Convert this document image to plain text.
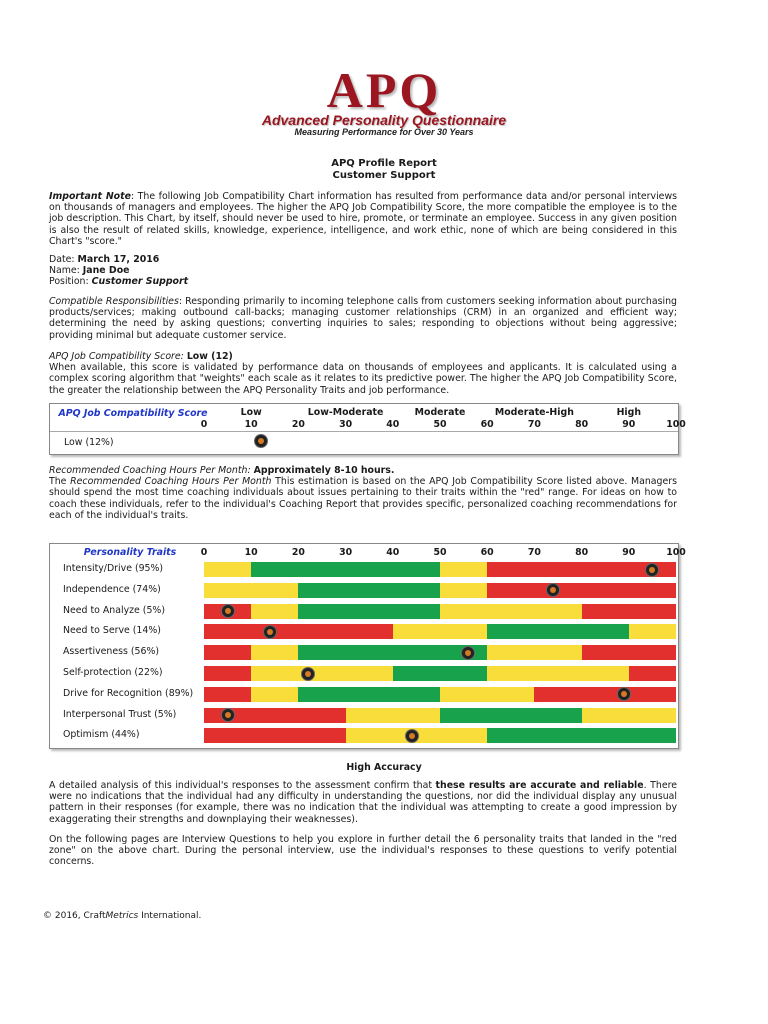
APQ
Advanced Personality Questionnaire
Measuring Performance for Over 30 Years
APQ Profile Report
Customer Support
Important Note: The following Job Compatibility Chart information has resulted from performance data and/or personal interviews on thousands of managers and employees. The higher the APQ Job Compatibility Score, the more compatible the employee is to the job description. This Chart, by itself, should never be used to hire, promote, or terminate an employee. Success in any given position is also the result of related skills, knowledge, experience, intelligence, and work ethic, none of which are being considered in this Chart's "score."
Date: March 17, 2016
Name: Jane Doe
Position: Customer Support
Compatible Responsibilities: Responding primarily to incoming telephone calls from customers seeking information about purchasing products/services; making outbound call-backs; managing customer relationships (CRM) in an organized and efficient way; determining the need by asking questions; converting inquiries to sales; responding to objections without being aggressive; providing minimal but adequate customer service.
APQ Job Compatibility Score: Low (12)
When available, this score is validated by performance data on thousands of employees and applicants. It is calculated using a complex scoring algorithm that "weights" each scale as it relates to its predictive power. The higher the APQ Job Compatibility Score, the greater the relationship between the APQ Personality Traits and job performance.
APQ Job Compatibility Score	Low	Low-Moderate	Moderate	Moderate-High	High
0	10	20	30	40	50	60	70	80	90	100
Low (12%)
Recommended Coaching Hours Per Month: Approximately 8-10 hours.
The Recommended Coaching Hours Per Month This estimation is based on the APQ Job Compatibility Score listed above. Managers should spend the most time coaching individuals about issues pertaining to their traits within the "red" range. For ideas on how to coach these individuals, refer to the individual's Coaching Report that provides specific, personalized coaching recommendations for each of the individual's traits.
Personality Traits	0	10	20	30	40	50	60	70	80	90	100
Intensity/Drive (95%)
Independence (74%)
Need to Analyze (5%)
Need to Serve (14%)
Assertiveness (56%)
Self-protection (22%)
Drive for Recognition (89%)
Interpersonal Trust (5%)
Optimism (44%)
High Accuracy
A detailed analysis of this individual's responses to the assessment confirm that these results are accurate and reliable. There were no indications that the individual had any difficulty in understanding the questions, nor did the individual display any unusual pattern in their responses (for example, there was no indication that the individual was attempting to create a good impression by exaggerating their strengths and downplaying their weaknesses).
On the following pages are Interview Questions to help you explore in further detail the 6 personality traits that landed in the "red zone" on the above chart. During the personal interview, use the individual's responses to these questions to verify potential concerns.
© 2016, CraftMetrics International.
